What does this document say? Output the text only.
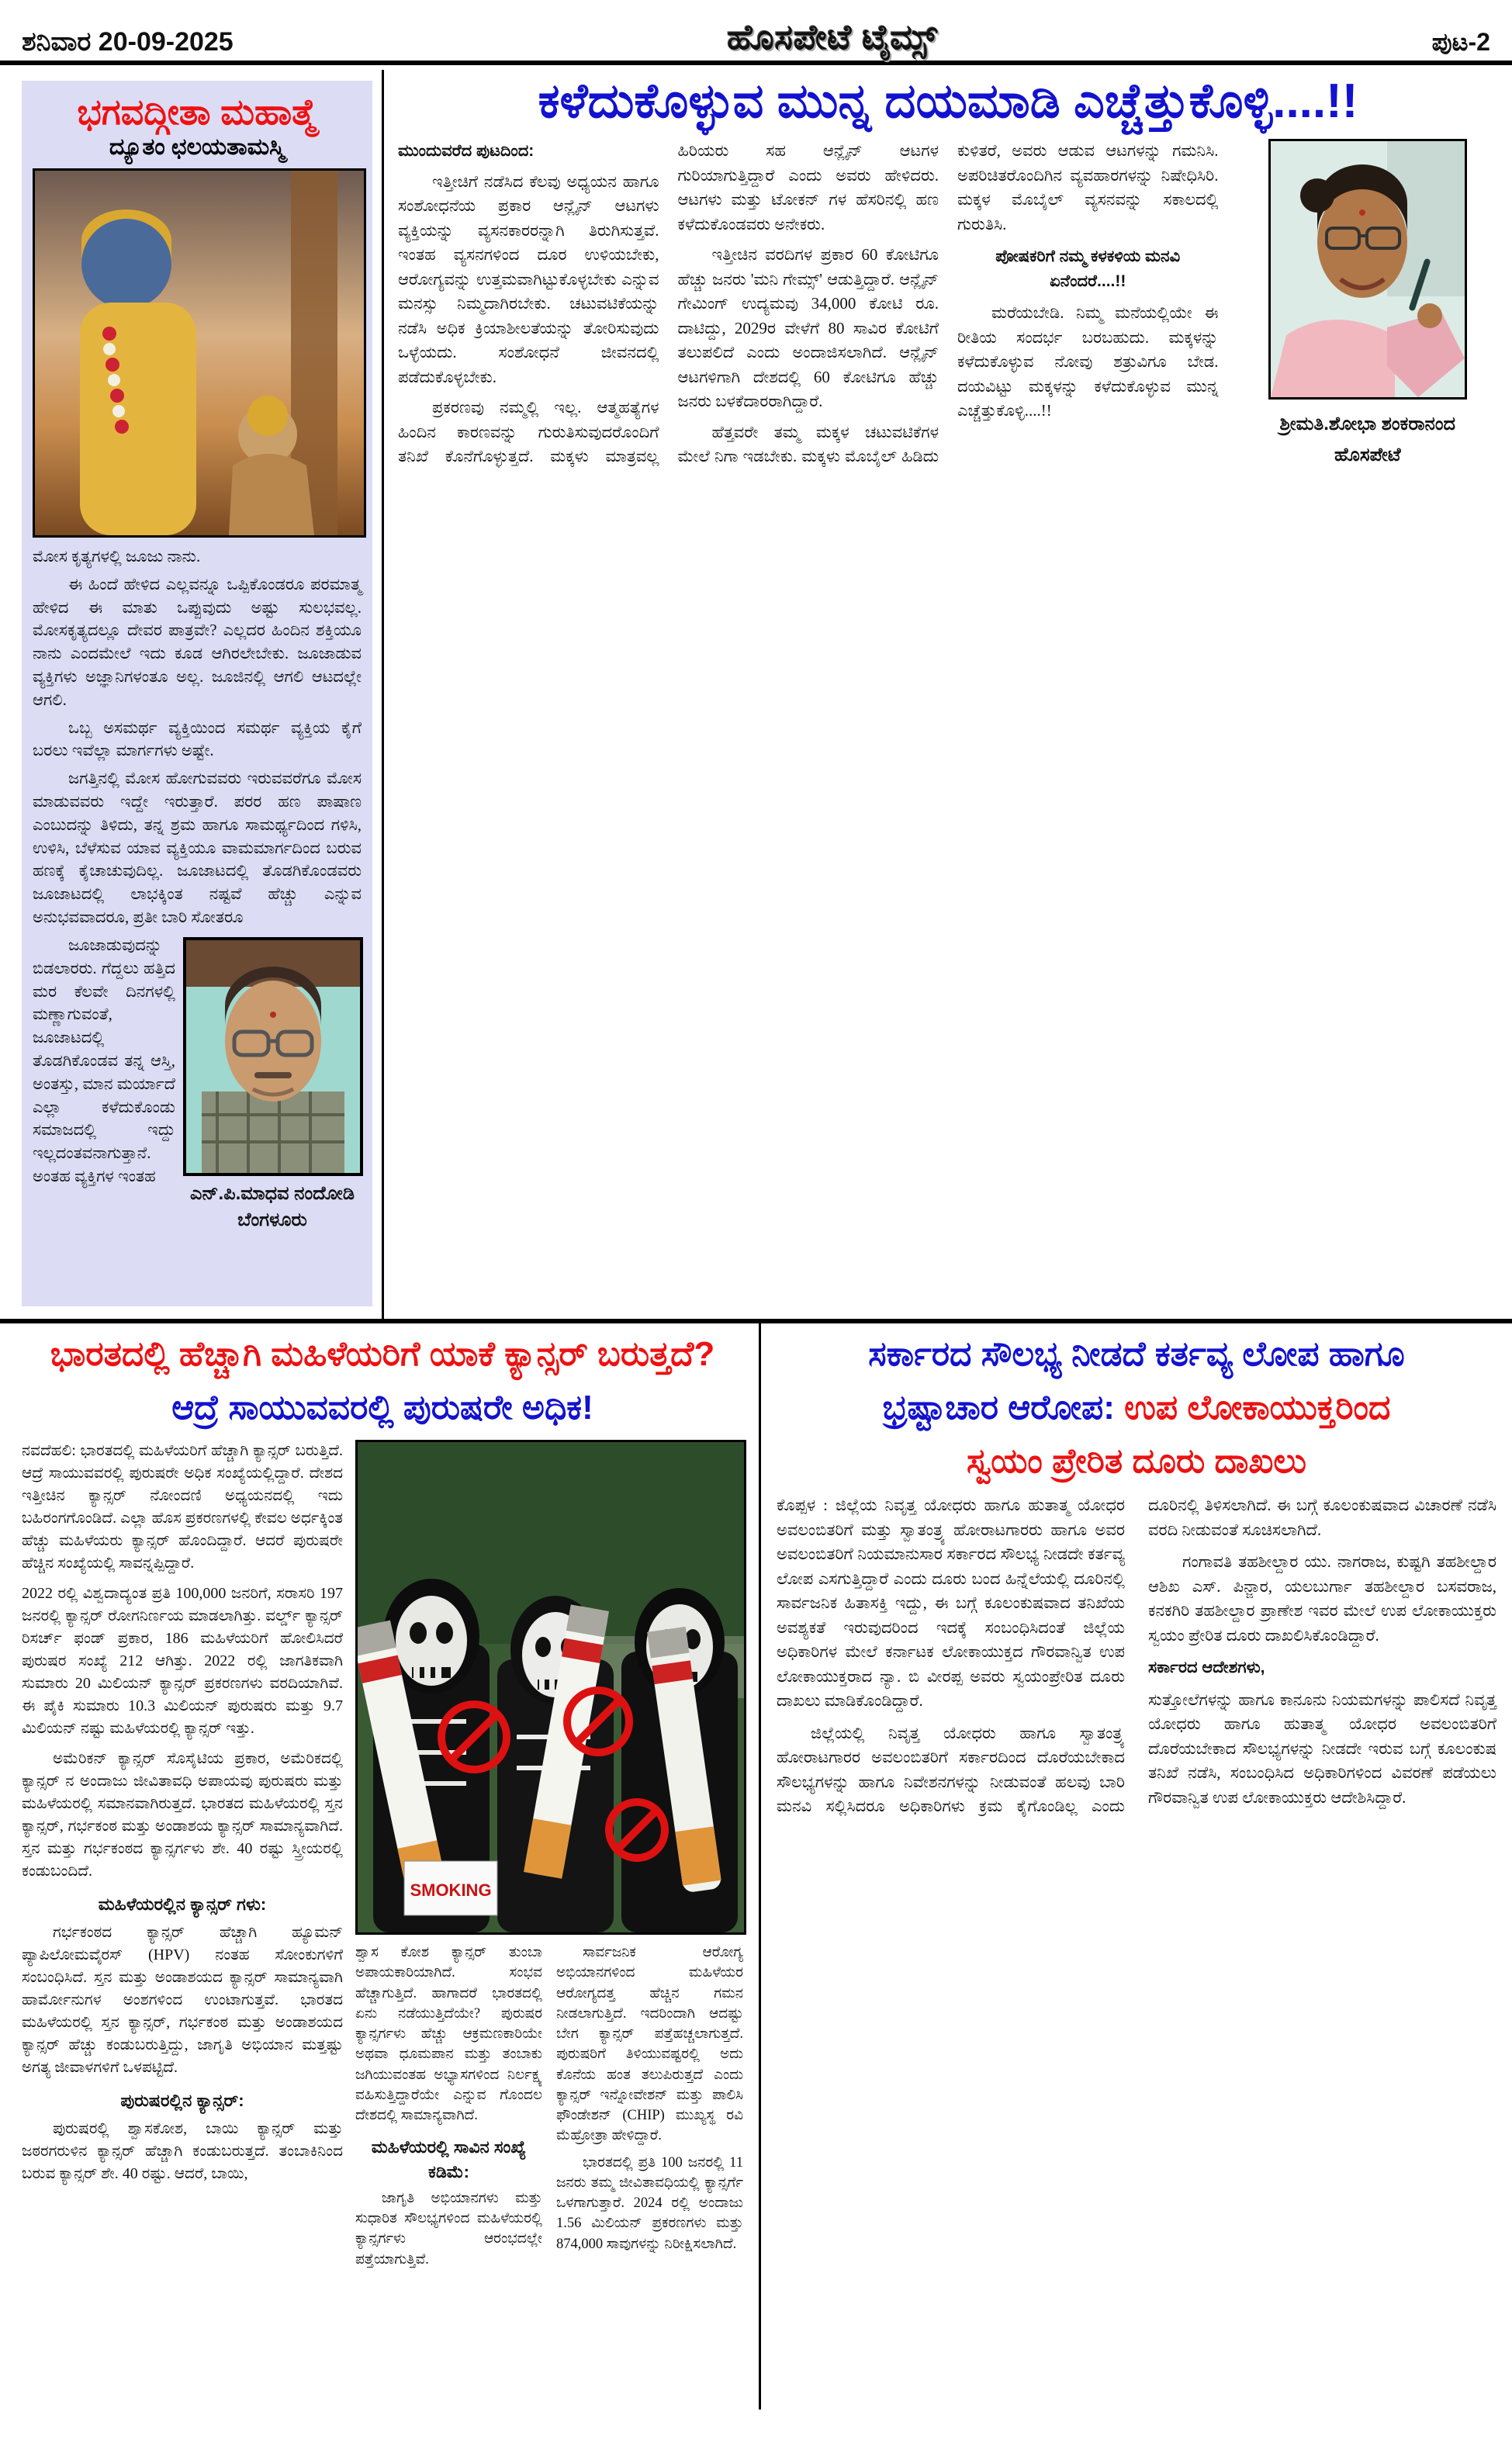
ಶನಿವಾರ 20-09-2025	ಹೊಸಪೇಟೆ ಟೈಮ್ಸ್	ಪುಟ-2
ಭಗವದ್ಗೀತಾ ಮಹಾತ್ಮೆ
ದ್ಯೂತಂ ಛಲಯತಾಮಸ್ಮಿ

ಮೋಸ ಕೃತ್ಯಗಳಲ್ಲಿ ಜೂಜು ನಾನು.

ಈ ಹಿಂದೆ ಹೇಳಿದ ಎಲ್ಲವನ್ನೂ ಒಪ್ಪಿಕೊಂಡರೂ ಪರಮಾತ್ಮ ಹೇಳಿದ ಈ ಮಾತು ಒಪ್ಪುವುದು ಅಷ್ಟು ಸುಲಭವಲ್ಲ. ಮೋಸಕೃತ್ಯದಲ್ಲೂ ದೇವರ ಪಾತ್ರವೇ? ಎಲ್ಲದರ ಹಿಂದಿನ ಶಕ್ತಿಯೂ ನಾನು ಎಂದಮೇಲೆ ಇದು ಕೂಡ ಆಗಿರಲೇಬೇಕು. ಜೂಜಾಡುವ ವ್ಯಕ್ತಿಗಳು ಅಜ್ಞಾನಿಗಳಂತೂ ಅಲ್ಲ. ಜೂಜಿನಲ್ಲಿ ಆಗಲಿ ಆಟದಲ್ಲೇ ಆಗಲಿ.

ಒಬ್ಬ ಅಸಮರ್ಥ ವ್ಯಕ್ತಿಯಿಂದ ಸಮರ್ಥ ವ್ಯಕ್ತಿಯ ಕೈಗೆ ಬರಲು ಇವೆಲ್ಲಾ ಮಾರ್ಗಗಳು ಅಷ್ಟೇ.

ಜಗತ್ತಿನಲ್ಲಿ ಮೋಸ ಹೋಗುವವರು ಇರುವವರೆಗೂ ಮೋಸ ಮಾಡುವವರು ಇದ್ದೇ ಇರುತ್ತಾರೆ. ಪರರ ಹಣ ಪಾಷಾಣ ಎಂಬುದನ್ನು ತಿಳಿದು, ತನ್ನ ಶ್ರಮ ಹಾಗೂ ಸಾಮರ್ಥ್ಯದಿಂದ ಗಳಿಸಿ, ಉಳಿಸಿ, ಬೆಳೆಸುವ ಯಾವ ವ್ಯಕ್ತಿಯೂ ವಾಮಮಾರ್ಗದಿಂದ ಬರುವ ಹಣಕ್ಕೆ ಕೈಚಾಚುವುದಿಲ್ಲ. ಜೂಜಾಟದಲ್ಲಿ ತೊಡಗಿಕೊಂಡವರು ಜೂಜಾಟದಲ್ಲಿ ಲಾಭಕ್ಕಿಂತ ನಷ್ಟವೆ ಹೆಚ್ಚು ಎನ್ನುವ ಅನುಭವವಾದರೂ, ಪ್ರತೀ ಬಾರಿ ಸೋತರೂ

ಎನ್.ಪಿ.ಮಾಧವ ನಂದೋಡಿ
ಬೆಂಗಳೂರು

ಜೂಜಾಡುವುದನ್ನು ಬಿಡಲಾರರು. ಗೆದ್ದಲು ಹತ್ತಿದ ಮರ ಕೆಲವೇ ದಿನಗಳಲ್ಲಿ ಮಣ್ಣಾಗುವಂತೆ, ಜೂಜಾಟದಲ್ಲಿ ತೊಡಗಿಕೊಂಡವ ತನ್ನ ಆಸ್ತಿ, ಅಂತಸ್ತು, ಮಾನ ಮರ್ಯಾದೆ ಎಲ್ಲಾ ಕಳೆದುಕೊಂಡು ಸಮಾಜದಲ್ಲಿ ಇದ್ದು ಇಲ್ಲದಂತವನಾಗುತ್ತಾನೆ. ಅಂತಹ ವ್ಯಕ್ತಿಗಳ ಇಂತಹ

ಕಳೆದುಕೊಳ್ಳುವ ಮುನ್ನ ದಯಮಾಡಿ ಎಚ್ಚೆತ್ತುಕೊಳ್ಳಿ....!!

ಮುಂದುವರೆದ ಪುಟದಿಂದ:

ಇತ್ತೀಚಿಗೆ ನಡೆಸಿದ ಕೆಲವು ಅಧ್ಯಯನ ಹಾಗೂ ಸಂಶೋಧನೆಯ ಪ್ರಕಾರ ಆನ್ಲೈನ್ ಆಟಗಳು ವ್ಯಕ್ತಿಯನ್ನು ವ್ಯಸನಕಾರರನ್ನಾಗಿ ತಿರುಗಿಸುತ್ತವೆ. ಇಂತಹ ವ್ಯಸನಗಳಿಂದ ದೂರ ಉಳಿಯಬೇಕು, ಆರೋಗ್ಯವನ್ನು ಉತ್ತಮವಾಗಿಟ್ಟುಕೊಳ್ಳಬೇಕು ಎನ್ನುವ ಮನಸ್ಸು ನಿಮ್ಮದಾಗಿರಬೇಕು. ಚಟುವಟಿಕೆಯನ್ನು ನಡೆಸಿ ಅಧಿಕ ಕ್ರಿಯಾಶೀಲತೆಯನ್ನು ತೋರಿಸುವುದು ಒಳ್ಳೆಯದು. ಸಂಶೋಧನೆ ಜೀವನದಲ್ಲಿ ಪಡೆದುಕೊಳ್ಳಬೇಕು.

ಪ್ರಕರಣವು ನಮ್ಮಲ್ಲಿ ಇಲ್ಲ. ಆತ್ಮಹತ್ಯೆಗಳ ಹಿಂದಿನ ಕಾರಣವನ್ನು ಗುರುತಿಸುವುದರೊಂದಿಗೆ ತನಿಖೆ ಕೊನೆಗೊಳ್ಳುತ್ತದೆ. ಮಕ್ಕಳು ಮಾತ್ರವಲ್ಲ ಹಿರಿಯರು ಸಹ ಆನ್ಲೈನ್ ಆಟಗಳ ಗುರಿಯಾಗುತ್ತಿದ್ದಾರೆ ಎಂದು ಅವರು ಹೇಳಿದರು. ಆಟಗಳು ಮತ್ತು ಟೋಕನ್ ಗಳ ಹೆಸರಿನಲ್ಲಿ ಹಣ ಕಳೆದುಕೊಂಡವರು ಅನೇಕರು.

ಇತ್ತೀಚಿನ ವರದಿಗಳ ಪ್ರಕಾರ 60 ಕೋಟಿಗೂ ಹೆಚ್ಚು ಜನರು 'ಮನಿ ಗೇಮ್ಸ್' ಆಡುತ್ತಿದ್ದಾರೆ. ಆನ್ಲೈನ್ ಗೇಮಿಂಗ್ ಉದ್ಯಮವು 34,000 ಕೋಟಿ ರೂ. ದಾಟಿದ್ದು, 2029ರ ವೇಳೆಗೆ 80 ಸಾವಿರ ಕೋಟಿಗೆ ತಲುಪಲಿದೆ ಎಂದು ಅಂದಾಜಿಸಲಾಗಿದೆ. ಆನ್ಲೈನ್ ಆಟಗಳಿಗಾಗಿ ದೇಶದಲ್ಲಿ 60 ಕೋಟಿಗೂ ಹೆಚ್ಚು ಜನರು ಬಳಕೆದಾರರಾಗಿದ್ದಾರೆ.

ಹೆತ್ತವರೇ ತಮ್ಮ ಮಕ್ಕಳ ಚಟುವಟಿಕೆಗಳ ಮೇಲೆ ನಿಗಾ ಇಡಬೇಕು. ಮಕ್ಕಳು ಮೊಬೈಲ್ ಹಿಡಿದು ಕುಳಿತರೆ, ಅವರು ಆಡುವ ಆಟಗಳನ್ನು ಗಮನಿಸಿ. ಅಪರಿಚಿತರೊಂದಿಗಿನ ವ್ಯವಹಾರಗಳನ್ನು ನಿಷೇಧಿಸಿರಿ. ಮಕ್ಕಳ ಮೊಬೈಲ್ ವ್ಯಸನವನ್ನು ಸಕಾಲದಲ್ಲಿ ಗುರುತಿಸಿ.

ಪೋಷಕರಿಗೆ ನಮ್ಮ ಕಳಕಳಿಯ ಮನವಿ ಏನೆಂದರೆ....!!

ಮರೆಯಬೇಡಿ. ನಿಮ್ಮ ಮನೆಯಲ್ಲಿಯೇ ಈ ರೀತಿಯ ಸಂದರ್ಭ ಬರಬಹುದು. ಮಕ್ಕಳನ್ನು ಕಳೆದುಕೊಳ್ಳುವ ನೋವು ಶತ್ರುವಿಗೂ ಬೇಡ. ದಯವಿಟ್ಟು ಮಕ್ಕಳನ್ನು ಕಳೆದುಕೊಳ್ಳುವ ಮುನ್ನ ಎಚ್ಚೆತ್ತುಕೊಳ್ಳಿ....!!

ಶ್ರೀಮತಿ.ಶೋಭಾ ಶಂಕರಾನಂದ
ಹೊಸಪೇಟೆ
ಭಾರತದಲ್ಲಿ ಹೆಚ್ಚಾಗಿ ಮಹಿಳೆಯರಿಗೆ ಯಾಕೆ ಕ್ಯಾನ್ಸರ್ ಬರುತ್ತದೆ?
ಆದ್ರೆ ಸಾಯುವವರಲ್ಲಿ ಪುರುಷರೇ ಅಧಿಕ!

ನವದೆಹಲಿ: ಭಾರತದಲ್ಲಿ ಮಹಿಳೆಯರಿಗೆ ಹೆಚ್ಚಾಗಿ ಕ್ಯಾನ್ಸರ್ ಬರುತ್ತಿದೆ. ಆದ್ರೆ ಸಾಯುವವರಲ್ಲಿ ಪುರುಷರೇ ಅಧಿಕ ಸಂಖ್ಯೆಯಲ್ಲಿದ್ದಾರೆ. ದೇಶದ ಇತ್ತೀಚಿನ ಕ್ಯಾನ್ಸರ್ ನೋಂದಣಿ ಅಧ್ಯಯನದಲ್ಲಿ ಇದು ಬಹಿರಂಗಗೊಂಡಿದೆ. ಎಲ್ಲಾ ಹೊಸ ಪ್ರಕರಣಗಳಲ್ಲಿ ಕೇವಲ ಅರ್ಧಕ್ಕಿಂತ ಹೆಚ್ಚು ಮಹಿಳೆಯರು ಕ್ಯಾನ್ಸರ್ ಹೊಂದಿದ್ದಾರೆ. ಆದರೆ ಪುರುಷರೇ ಹೆಚ್ಚಿನ ಸಂಖ್ಯೆಯಲ್ಲಿ ಸಾವನ್ನಪ್ಪಿದ್ದಾರೆ.

2022 ರಲ್ಲಿ ವಿಶ್ವದಾದ್ಯಂತ ಪ್ರತಿ 100,000 ಜನರಿಗೆ, ಸರಾಸರಿ 197 ಜನರಲ್ಲಿ ಕ್ಯಾನ್ಸರ್ ರೋಗನಿರ್ಣಯ ಮಾಡಲಾಗಿತ್ತು. ವರ್ಲ್ಡ್ ಕ್ಯಾನ್ಸರ್ ರಿಸರ್ಚ್ ಫಂಡ್ ಪ್ರಕಾರ, 186 ಮಹಿಳೆಯರಿಗೆ ಹೋಲಿಸಿದರೆ ಪುರುಷರ ಸಂಖ್ಯೆ 212 ಆಗಿತ್ತು. 2022 ರಲ್ಲಿ ಜಾಗತಿಕವಾಗಿ ಸುಮಾರು 20 ಮಿಲಿಯನ್ ಕ್ಯಾನ್ಸರ್ ಪ್ರಕರಣಗಳು ವರದಿಯಾಗಿವೆ. ಈ ಪೈಕಿ ಸುಮಾರು 10.3 ಮಿಲಿಯನ್ ಪುರುಷರು ಮತ್ತು 9.7 ಮಿಲಿಯನ್ ನಷ್ಟು ಮಹಿಳೆಯರಲ್ಲಿ ಕ್ಯಾನ್ಸರ್ ಇತ್ತು.

ಅಮೆರಿಕನ್ ಕ್ಯಾನ್ಸರ್ ಸೊಸೈಟಿಯ ಪ್ರಕಾರ, ಅಮೆರಿಕದಲ್ಲಿ ಕ್ಯಾನ್ಸರ್ ನ ಅಂದಾಜು ಜೀವಿತಾವಧಿ ಅಪಾಯವು ಪುರುಷರು ಮತ್ತು ಮಹಿಳೆಯರಲ್ಲಿ ಸಮಾನವಾಗಿರುತ್ತದೆ. ಭಾರತದ ಮಹಿಳೆಯರಲ್ಲಿ ಸ್ತನ ಕ್ಯಾನ್ಸರ್, ಗರ್ಭಕಂಠ ಮತ್ತು ಅಂಡಾಶಯ ಕ್ಯಾನ್ಸರ್ ಸಾಮಾನ್ಯವಾಗಿದೆ. ಸ್ತನ ಮತ್ತು ಗರ್ಭಕಂಠದ ಕ್ಯಾನ್ಸರ್ಗಳು ಶೇ. 40 ರಷ್ಟು ಸ್ತ್ರೀಯರಲ್ಲಿ ಕಂಡುಬಂದಿದೆ.

ಮಹಿಳೆಯರಲ್ಲಿನ ಕ್ಯಾನ್ಸರ್ ಗಳು:

ಗರ್ಭಕಂಠದ ಕ್ಯಾನ್ಸರ್ ಹೆಚ್ಚಾಗಿ ಹ್ಯೂಮನ್ ಪ್ಯಾಪಿಲೋಮವೈರಸ್ (HPV) ನಂತಹ ಸೋಂಕುಗಳಿಗೆ ಸಂಬಂಧಿಸಿದೆ. ಸ್ತನ ಮತ್ತು ಅಂಡಾಶಯದ ಕ್ಯಾನ್ಸರ್ ಸಾಮಾನ್ಯವಾಗಿ ಹಾರ್ಮೋನುಗಳ ಅಂಶಗಳಿಂದ ಉಂಟಾಗುತ್ತವೆ. ಭಾರತದ ಮಹಿಳೆಯರಲ್ಲಿ ಸ್ತನ ಕ್ಯಾನ್ಸರ್, ಗರ್ಭಕಂಠ ಮತ್ತು ಅಂಡಾಶಯದ ಕ್ಯಾನ್ಸರ್ ಹೆಚ್ಚು ಕಂಡುಬರುತ್ತಿದ್ದು, ಜಾಗೃತಿ ಅಭಿಯಾನ ಮತ್ತಷ್ಟು ಅಗತ್ಯ ಜೀವಾಳಗಳಿಗೆ ಒಳಪಟ್ಟಿದೆ.

ಪುರುಷರಲ್ಲಿನ ಕ್ಯಾನ್ಸರ್:

ಪುರುಷರಲ್ಲಿ ಶ್ವಾಸಕೋಶ, ಬಾಯಿ ಕ್ಯಾನ್ಸರ್ ಮತ್ತು ಜಠರಗರುಳಿನ ಕ್ಯಾನ್ಸರ್ ಹೆಚ್ಚಾಗಿ ಕಂಡುಬರುತ್ತದೆ. ತಂಬಾಕಿನಿಂದ ಬರುವ ಕ್ಯಾನ್ಸರ್ ಶೇ. 40 ರಷ್ಟು. ಆದರೆ, ಬಾಯಿ,

SMOKING

ಶ್ವಾಸ ಕೋಶ ಕ್ಯಾನ್ಸರ್ ತುಂಬಾ ಅಪಾಯಕಾರಿಯಾಗಿದೆ. ಸಂಭವ ಹೆಚ್ಚಾಗುತ್ತಿದೆ. ಹಾಗಾದರೆ ಭಾರತದಲ್ಲಿ ಏನು ನಡೆಯುತ್ತಿದೆಯೇ? ಪುರುಷರ ಕ್ಯಾನ್ಸರ್ಗಳು ಹೆಚ್ಚು ಆಕ್ರಮಣಕಾರಿಯೇ ಅಥವಾ ಧೂಮಪಾನ ಮತ್ತು ತಂಬಾಕು ಜಗಿಯುವಂತಹ ಅಭ್ಯಾಸಗಳಿಂದ ನಿರ್ಲಕ್ಷ್ಯ ವಹಿಸುತ್ತಿದ್ದಾರೆಯೇ ಎನ್ನುವ ಗೊಂದಲ ದೇಶದಲ್ಲಿ ಸಾಮಾನ್ಯವಾಗಿದೆ.

ಮಹಿಳೆಯರಲ್ಲಿ ಸಾವಿನ ಸಂಖ್ಯೆ ಕಡಿಮೆ:

ಜಾಗೃತಿ ಅಭಿಯಾನಗಳು ಮತ್ತು ಸುಧಾರಿತ ಸೌಲಭ್ಯಗಳಿಂದ ಮಹಿಳೆಯರಲ್ಲಿ ಕ್ಯಾನ್ಸರ್ಗಳು ಆರಂಭದಲ್ಲೇ ಪತ್ತೆಯಾಗುತ್ತಿವೆ.

ಸಾರ್ವಜನಿಕ ಆರೋಗ್ಯ ಅಭಿಯಾನಗಳಿಂದ ಮಹಿಳೆಯರ ಆರೋಗ್ಯದತ್ತ ಹೆಚ್ಚಿನ ಗಮನ ನೀಡಲಾಗುತ್ತಿದೆ. ಇದರಿಂದಾಗಿ ಆದಷ್ಟು ಬೇಗ ಕ್ಯಾನ್ಸರ್ ಪತ್ತೆಹಚ್ಚಲಾಗುತ್ತದೆ. ಪುರುಷರಿಗೆ ತಿಳಿಯುವಷ್ಟರಲ್ಲಿ ಅದು ಕೊನೆಯ ಹಂತ ತಲುಪಿರುತ್ತದೆ ಎಂದು ಕ್ಯಾನ್ಸರ್ ಇನ್ನೋವೇಶನ್ ಮತ್ತು ಪಾಲಿಸಿ ಫೌಂಡೇಶನ್ (CHIP) ಮುಖ್ಯಸ್ಥ ರವಿ ಮೆಹ್ರೋತ್ರಾ ಹೇಳಿದ್ದಾರೆ.

ಭಾರತದಲ್ಲಿ ಪ್ರತಿ 100 ಜನರಲ್ಲಿ 11 ಜನರು ತಮ್ಮ ಜೀವಿತಾವಧಿಯಲ್ಲಿ ಕ್ಯಾನ್ಸರ್ಗೆ ಒಳಗಾಗುತ್ತಾರೆ. 2024 ರಲ್ಲಿ ಅಂದಾಜು 1.56 ಮಿಲಿಯನ್ ಪ್ರಕರಣಗಳು ಮತ್ತು 874,000 ಸಾವುಗಳನ್ನು ನಿರೀಕ್ಷಿಸಲಾಗಿದೆ.

ಸರ್ಕಾರದ ಸೌಲಭ್ಯ ನೀಡದೆ ಕರ್ತವ್ಯ ಲೋಪ ಹಾಗೂ
ಭ್ರಷ್ಟಾಚಾರ ಆರೋಪ: ಉಪ ಲೋಕಾಯುಕ್ತರಿಂದ
ಸ್ವಯಂ ಪ್ರೇರಿತ ದೂರು ದಾಖಲು

ಕೊಪ್ಪಳ : ಜಿಲ್ಲೆಯ ನಿವೃತ್ತ ಯೋಧರು ಹಾಗೂ ಹುತಾತ್ಮ ಯೋಧರ ಅವಲಂಬಿತರಿಗೆ ಮತ್ತು ಸ್ವಾತಂತ್ರ್ಯ ಹೋರಾಟಗಾರರು ಹಾಗೂ ಅವರ ಅವಲಂಬಿತರಿಗೆ ನಿಯಮಾನುಸಾರ ಸರ್ಕಾರದ ಸೌಲಭ್ಯ ನೀಡದೇ ಕರ್ತವ್ಯ ಲೋಪ ಎಸಗುತ್ತಿದ್ದಾರೆ ಎಂದು ದೂರು ಬಂದ ಹಿನ್ನೆಲೆಯಲ್ಲಿ ದೂರಿನಲ್ಲಿ ಸಾರ್ವಜನಿಕ ಹಿತಾಸಕ್ತಿ ಇದ್ದು, ಈ ಬಗ್ಗೆ ಕೂಲಂಕುಷವಾದ ತನಿಖೆಯ ಅವಶ್ಯಕತೆ ಇರುವುದರಿಂದ ಇದಕ್ಕೆ ಸಂಬಂಧಿಸಿದಂತೆ ಜಿಲ್ಲೆಯ ಅಧಿಕಾರಿಗಳ ಮೇಲೆ ಕರ್ನಾಟಕ ಲೋಕಾಯುಕ್ತದ ಗೌರವಾನ್ವಿತ ಉಪ ಲೋಕಾಯುಕ್ತರಾದ ನ್ಯಾ. ಬಿ ವೀರಪ್ಪ ಅವರು ಸ್ವಯಂಪ್ರೇರಿತ ದೂರು ದಾಖಲು ಮಾಡಿಕೊಂಡಿದ್ದಾರೆ.

ಜಿಲ್ಲೆಯಲ್ಲಿ ನಿವೃತ್ತ ಯೋಧರು ಹಾಗೂ ಸ್ವಾತಂತ್ರ್ಯ ಹೋರಾಟಗಾರರ ಅವಲಂಬಿತರಿಗೆ ಸರ್ಕಾರದಿಂದ ದೊರೆಯಬೇಕಾದ ಸೌಲಭ್ಯಗಳನ್ನು ಹಾಗೂ ನಿವೇಶನಗಳನ್ನು ನೀಡುವಂತೆ ಹಲವು ಬಾರಿ ಮನವಿ ಸಲ್ಲಿಸಿದರೂ ಅಧಿಕಾರಿಗಳು ಕ್ರಮ ಕೈಗೊಂಡಿಲ್ಲ ಎಂದು ದೂರಿನಲ್ಲಿ ತಿಳಿಸಲಾಗಿದೆ. ಈ ಬಗ್ಗೆ ಕೂಲಂಕುಷವಾದ ವಿಚಾರಣೆ ನಡೆಸಿ ವರದಿ ನೀಡುವಂತೆ ಸೂಚಿಸಲಾಗಿದೆ.

ಗಂಗಾವತಿ ತಹಶೀಲ್ದಾರ ಯು. ನಾಗರಾಜ, ಕುಷ್ಟಗಿ ತಹಶೀಲ್ದಾರ ಆಶಿಖ ಎಸ್. ಪಿನ್ಜಾರ, ಯಲಬುರ್ಗಾ ತಹಶೀಲ್ದಾರ ಬಸವರಾಜ, ಕನಕಗಿರಿ ತಹಶೀಲ್ದಾರ ಪ್ರಾಣೇಶ ಇವರ ಮೇಲೆ ಉಪ ಲೋಕಾಯುಕ್ತರು ಸ್ವಯಂ ಪ್ರೇರಿತ ದೂರು ದಾಖಲಿಸಿಕೊಂಡಿದ್ದಾರೆ.

ಸರ್ಕಾರದ ಆದೇಶಗಳು,

ಸುತ್ತೋಲೆಗಳನ್ನು ಹಾಗೂ ಕಾನೂನು ನಿಯಮಗಳನ್ನು ಪಾಲಿಸದೆ ನಿವೃತ್ತ ಯೋಧರು ಹಾಗೂ ಹುತಾತ್ಮ ಯೋಧರ ಅವಲಂಬಿತರಿಗೆ ದೊರೆಯಬೇಕಾದ ಸೌಲಭ್ಯಗಳನ್ನು ನೀಡದೇ ಇರುವ ಬಗ್ಗೆ ಕೂಲಂಕುಷ ತನಿಖೆ ನಡೆಸಿ, ಸಂಬಂಧಿಸಿದ ಅಧಿಕಾರಿಗಳಿಂದ ವಿವರಣೆ ಪಡೆಯಲು ಗೌರವಾನ್ವಿತ ಉಪ ಲೋಕಾಯುಕ್ತರು ಆದೇಶಿಸಿದ್ದಾರೆ.
